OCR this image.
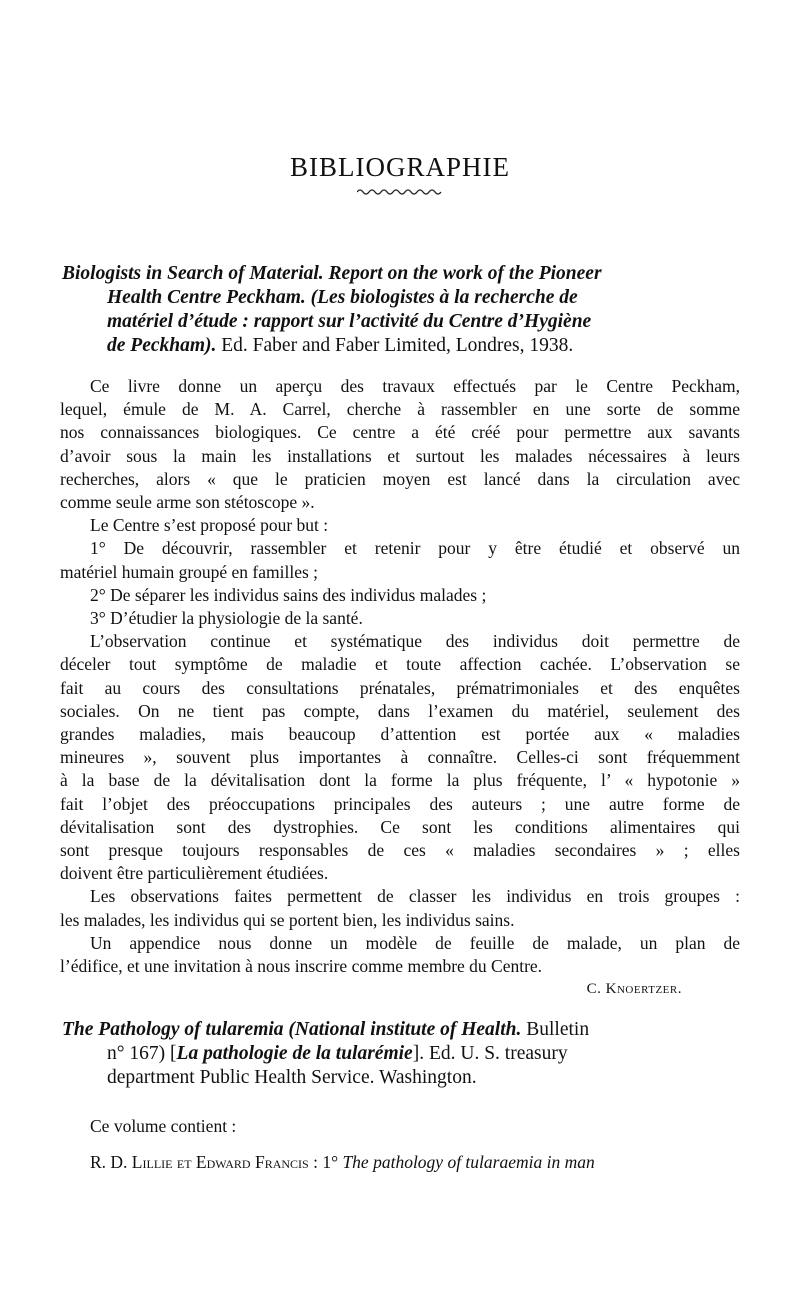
BIBLIOGRAPHIE
Biologists in Search of Material. Report on the work of the Pioneer
Health Centre Peckham. (Les biologistes à la recherche de
matériel d’étude : rapport sur l’activité du Centre d’Hygiène
de Peckham). Ed. Faber and Faber Limited, Londres, 1938.
Ce livre donne un aperçu des travaux effectués par le Centre Peckham,
lequel, émule de M. A. Carrel, cherche à rassembler en une sorte de somme
nos connaissances biologiques. Ce centre a été créé pour permettre aux savants
d’avoir sous la main les installations et surtout les malades nécessaires à leurs
recherches, alors « que le praticien moyen est lancé dans la circulation avec
comme seule arme son stétoscope ».
Le Centre s’est proposé pour but :
1° De découvrir, rassembler et retenir pour y être étudié et observé un
matériel humain groupé en familles ;
2° De séparer les individus sains des individus malades ;
3° D’étudier la physiologie de la santé.
L’observation continue et systématique des individus doit permettre de
déceler tout symptôme de maladie et toute affection cachée. L’observation se
fait au cours des consultations prénatales, prématrimoniales et des enquêtes
sociales. On ne tient pas compte, dans l’examen du matériel, seulement des
grandes maladies, mais beaucoup d’attention est portée aux « maladies
mineures », souvent plus importantes à connaître. Celles-ci sont fréquemment
à la base de la dévitalisation dont la forme la plus fréquente, l’ « hypotonie »
fait l’objet des préoccupations principales des auteurs ; une autre forme de
dévitalisation sont des dystrophies. Ce sont les conditions alimentaires qui
sont presque toujours responsables de ces « maladies secondaires » ; elles
doivent être particulièrement étudiées.
Les observations faites permettent de classer les individus en trois groupes :
les malades, les individus qui se portent bien, les individus sains.
Un appendice nous donne un modèle de feuille de malade, un plan de
l’édifice, et une invitation à nous inscrire comme membre du Centre.
C. Knoertzer.
The Pathology of tularemia (National institute of Health. Bulletin
n° 167) [La pathologie de la tularémie]. Ed. U. S. treasury
department Public Health Service. Washington.
Ce volume contient :
R. D. Lillie et Edward Francis : 1° The pathology of tularaemia in man
